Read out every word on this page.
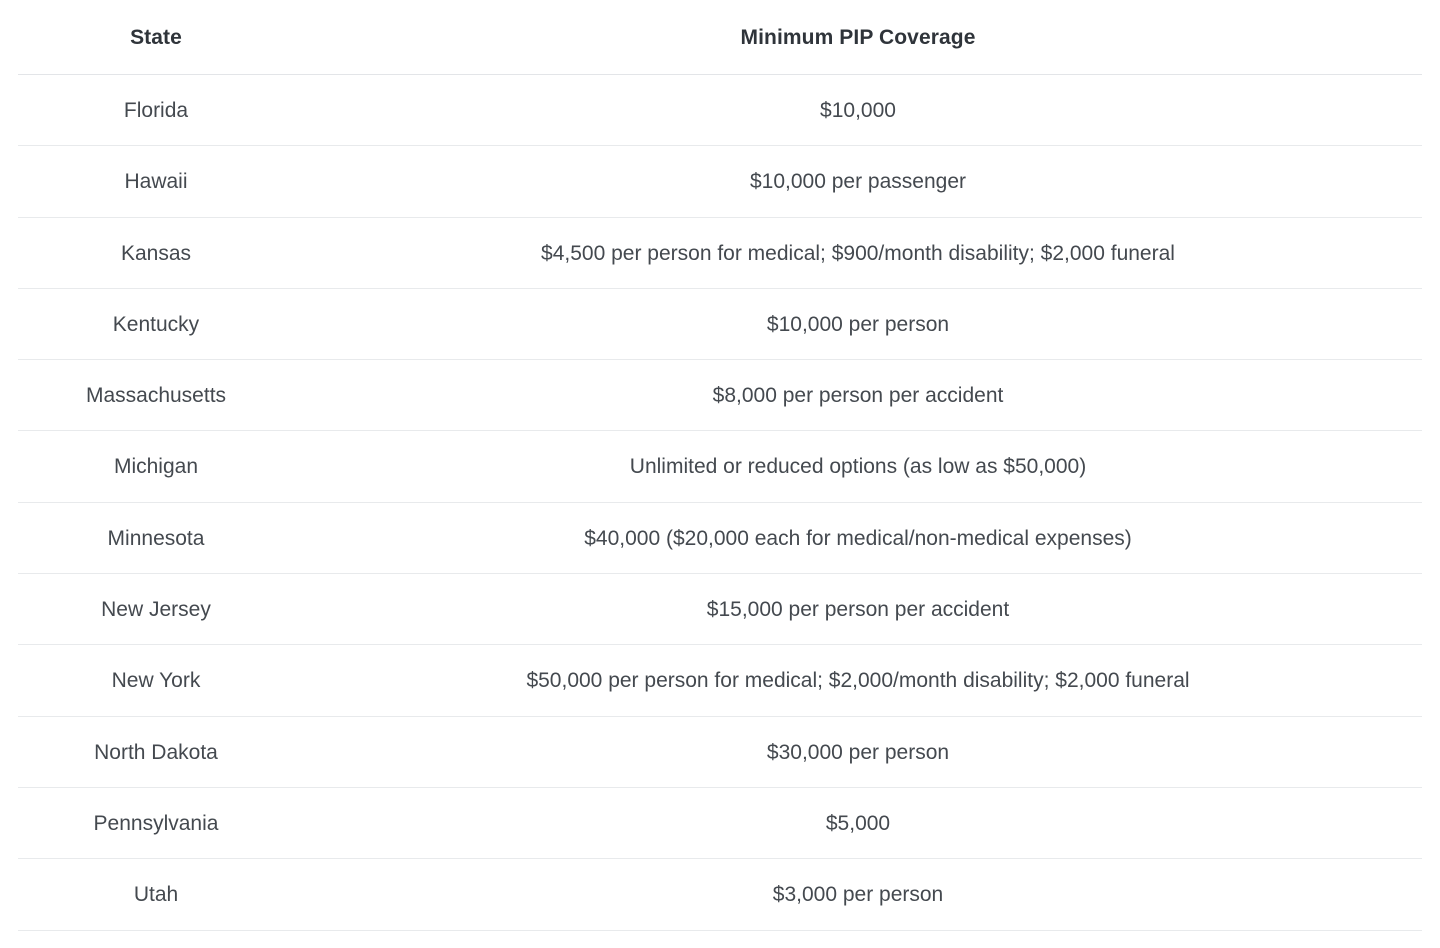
State	Minimum PIP Coverage
Florida	$10,000
Hawaii	$10,000 per passenger
Kansas	$4,500 per person for medical; $900/month disability; $2,000 funeral
Kentucky	$10,000 per person
Massachusetts	$8,000 per person per accident
Michigan	Unlimited or reduced options (as low as $50,000)
Minnesota	$40,000 ($20,000 each for medical/non-medical expenses)
New Jersey	$15,000 per person per accident
New York	$50,000 per person for medical; $2,000/month disability; $2,000 funeral
North Dakota	$30,000 per person
Pennsylvania	$5,000
Utah	$3,000 per person
